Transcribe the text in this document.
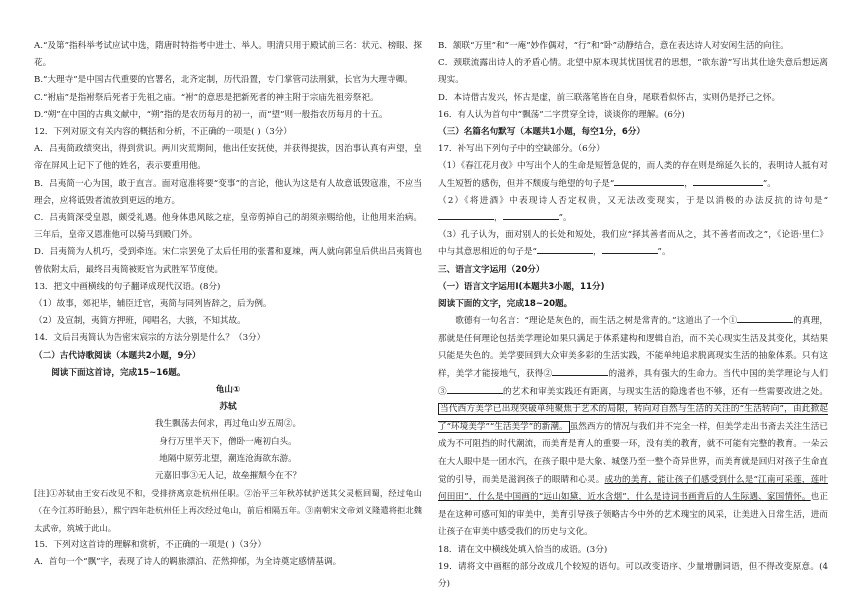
A.“及第”指科举考试应试中选，隋唐时特指考中进士、举人。明清只用于殿试前三名：状元、榜眼、探花。

B.“大理寺”是中国古代重要的官署名，北齐定制，历代沿置，专门掌管司法刑狱，长官为大理寺卿。

C.“袝庙”是指袝祭后死者于先祖之庙。“袝”的意思是把新死者的神主附于宗庙先祖旁祭祀。

D.“朔”在中国的古典文献中，“朔”指的是农历每月的初一，而“望”则一般指农历每月的十五。

12．下列对原文有关内容的概括和分析，不正确的一项是( )（3分）

A．吕夷简政绩突出，得到赏识。两川灾荒期间，他出任安抚使，并获得提拔，因治事认真有声望，皇帝在屏风上记下了他的姓名，表示要重用他。

B．吕夷简一心为国，敢于直言。面对寇准将要“变事”的言论，他认为这是有人故意诋毁寇准，不应当理会，应将诋毁者流放到更远的地方。

C．吕夷简深受皇恩，颇受礼遇。他身体患风眩之症，皇帝剪掉自己的胡须亲赐给他，让他用来治病。三年后，皇帝又恩准他可以骑马到殿门外。

D．吕夷简为人机巧，受到牵连。宋仁宗罢免了太后任用的张耆和夏竦，两人就向郭皇后供出吕夷简也曾依附太后，最终吕夷简被贬官为武胜军节度使。

13．把文中画横线的句子翻译成现代汉语。(8分)

（1）故事，郊祀毕，辅臣迁官，夷简与同列皆辞之，后为例。

（2）及宣制，夷简方押班，闻唱名，大骇，不知其故。

14．文后吕夷简认为告密宋宸宗的方法分别是什么？（3分）

（二）古代诗歌阅读（本题共2小题，9分）

阅读下面这首诗，完成15~16题。

龟山①

苏轼

我生飘荡去何求，再过龟山岁五周②。

身行万里半天下，僧卧一庵初白头。

地隔中原劳北望，潮连沧海欲东游。

元嘉旧事③无人记，故垒摧颓今在不？

[注]①苏轼由王安石改见不和，受排挤离京赴杭州任职。②治平三年秋苏轼护送其父灵柩回蜀，经过龟山（在今江苏盱眙县），熙宁四年赴杭州任上再次经过龟山，前后相隔五年。③南朝宋文帝刘义隆遣将拒北魏太武帝，筑城于此山。

15．下列对这首诗的理解和赏析，不正确的一项是( )（3分）

A．首句一个“飘”字，表现了诗人的羁旅漂泊、茫然抑郁，为全诗奠定感情基调。

B．颔联“万里”和“一庵”妙作偶对，“行”和“卧”动静结合，意在表达诗人对安闲生活的向往。

C．颈联流露出诗人的矛盾心情。北望中原本现其忧国忧君的思想，“欲东游”写出其仕途失意后想远离现实。

D．本诗借古发兴，怀古是虚，前三联落笔皆在自身，尾联看似怀古，实则仍是抒己之怀。

16．有人认为首句中“飘荡”二字贯穿全诗，谈谈你的理解。(6分)

（三）名篇名句默写（本题共1小题，每空1分，6分）

17．补写出下列句子中的空缺部分。（6分）

（1）《春江花月夜》中写出个人的生命是短暂急促的，而人类的存在则是绵延久长的，表明诗人抵有对人生短暂的感伤，但并不颓废与绝望的句子是“	，	”。

（2）《将进酒》中表现诗人否定权贵，又无法改变现实，于是以消极的办法反抗的诗句是“，	”。

（3）孔子认为，面对别人的长处和短处，我们应“择其善者而从之，其不善者而改之”，《论语·里仁》中与其意思相近的句子是“	，	”。

三、语言文字运用（20分）

（一）语言文字运用Ⅰ(本题共3小题，11分)

阅读下面的文字，完成18~20题。

歌德有一句名言：“理论是灰色的，而生活之树是常青的。”这道出了一个①	的真理，那就是任何理论包括美学理论如果只满足于体系建构和逻辑自治，而不关心现实生活及其变化，其结果只能是失色的。美学要回到大众审美多彩的生活实践，不能单纯追求脱离现实生活的抽象体系。只有这样，美学才能接地气，获得②	的滋养，具有强大的生命力。当代中国的美学理论与人们③	的艺术和审美实践还有距离，与现实生活的隐逸者也不够，还有一些需要改进之处。当代西方美学已出现突破单纯聚焦于艺术的局限，转向对自然与生活的关注的“生活转向”，由此掀起了“环境美学”“生活美学”的新潮。 虽然西方的情况与我们并不完全一样，但美学走出书斋去关注生活已成为不可阻挡的时代潮流，而美育是育人的重要一环，没有美的教育，就不可能有完整的教育。一朵云在大人眼中是一团水汽，在孩子眼中是大象、城堡乃至一整个奇异世界，而美育就是回归对孩子生命直觉的引导，而美是滋润孩子的眼睛和心灵。成功的美育，能让孩子们感受到什么是“江南可采莲，莲叶何田田”，什么是中国画的“远山如黛，近水含烟”，什么是诗词书画背后的人生际遇、家国情怀。也正是在这种可感可知的审美中，美育引导孩子领略古今中外的艺术瑰宝的风采，让美进入日常生活，进而让孩子在审美中感受我们的历史与文化。

18．请在文中横线处填入恰当的成语。(3分)

19．请将文中画框的部分改成几个较短的语句。可以改变语序、少量增删词语，但不得改变原意。(4分)
